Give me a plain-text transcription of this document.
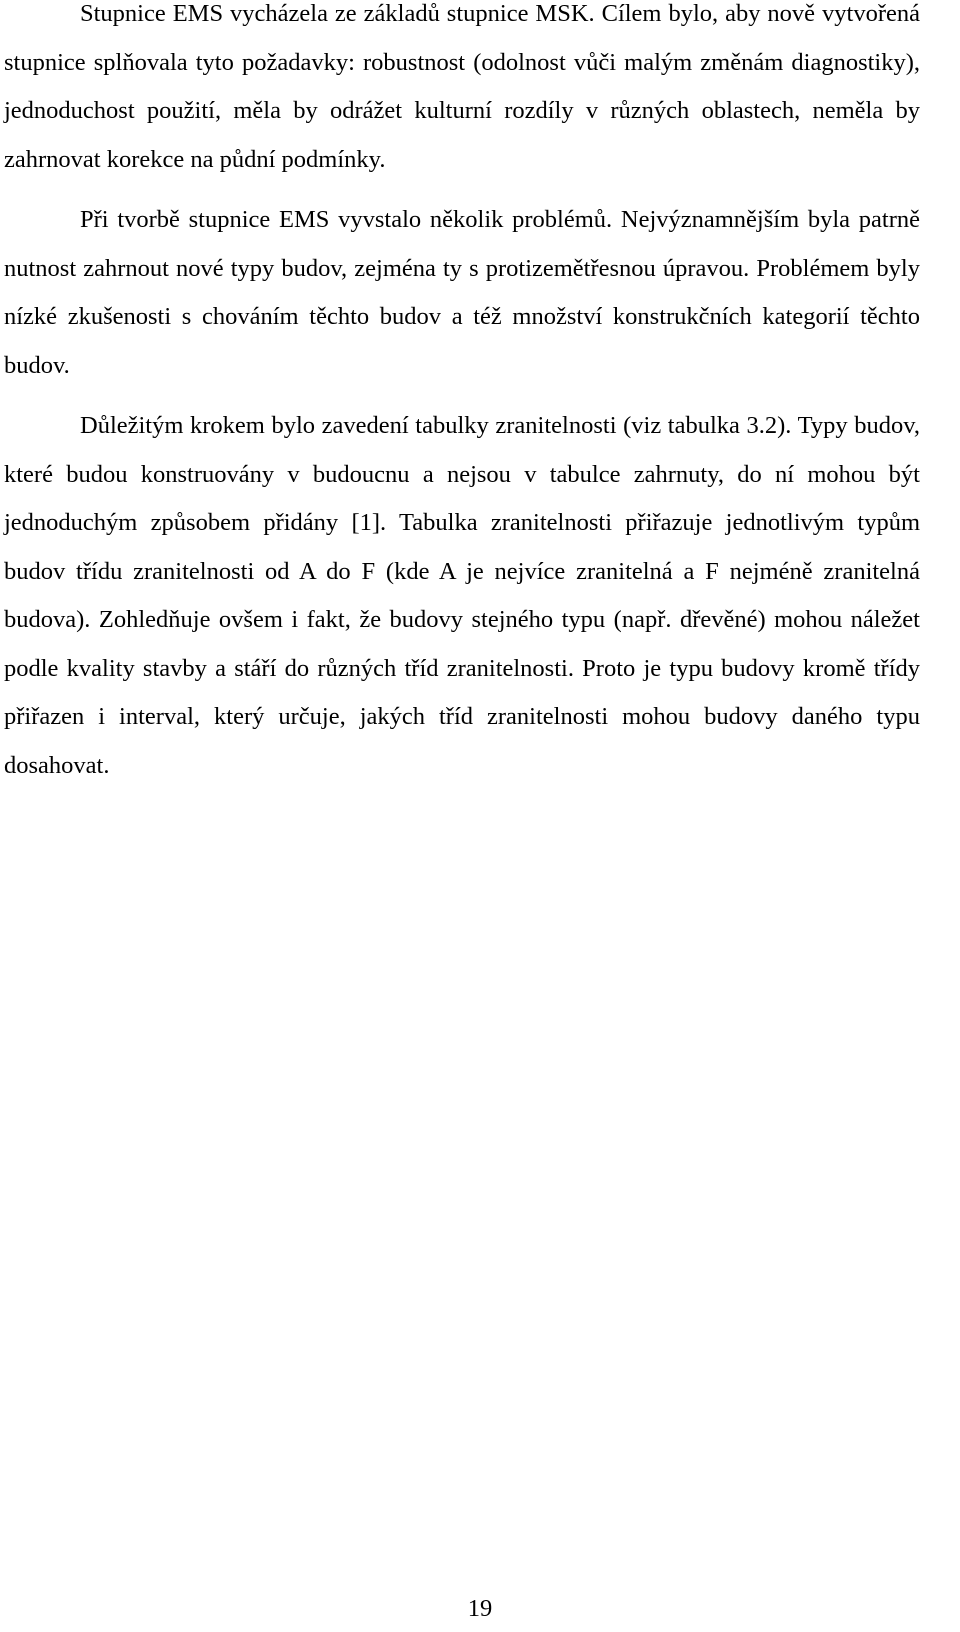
Stupnice EMS vycházela ze základů stupnice MSK. Cílem bylo, aby nově vytvořená stupnice splňovala tyto požadavky: robustnost (odolnost vůči malým změnám diagnostiky), jednoduchost použití, měla by odrážet kulturní rozdíly v různých oblastech, neměla by zahrnovat korekce na půdní podmínky.

Při tvorbě stupnice EMS vyvstalo několik problémů. Nejvýznamnějším byla patrně nutnost zahrnout nové typy budov, zejména ty s protizemětřesnou úpravou. Problémem byly nízké zkušenosti s chováním těchto budov a též množství konstrukčních kategorií těchto budov.

Důležitým krokem bylo zavedení tabulky zranitelnosti (viz tabulka 3.2). Typy budov, které budou konstruovány v budoucnu a nejsou v tabulce zahrnuty, do ní mohou být jednoduchým způsobem přidány [1]. Tabulka zranitelnosti přiřazuje jednotlivým typům budov třídu zranitelnosti od A do F (kde A je nejvíce zranitelná a F nejméně zranitelná budova). Zohledňuje ovšem i fakt, že budovy stejného typu (např. dřevěné) mohou náležet podle kvality stavby a stáří do různých tříd zranitelnosti. Proto je typu budovy kromě třídy přiřazen i interval, který určuje, jakých tříd zranitelnosti mohou budovy daného typu dosahovat.

19
